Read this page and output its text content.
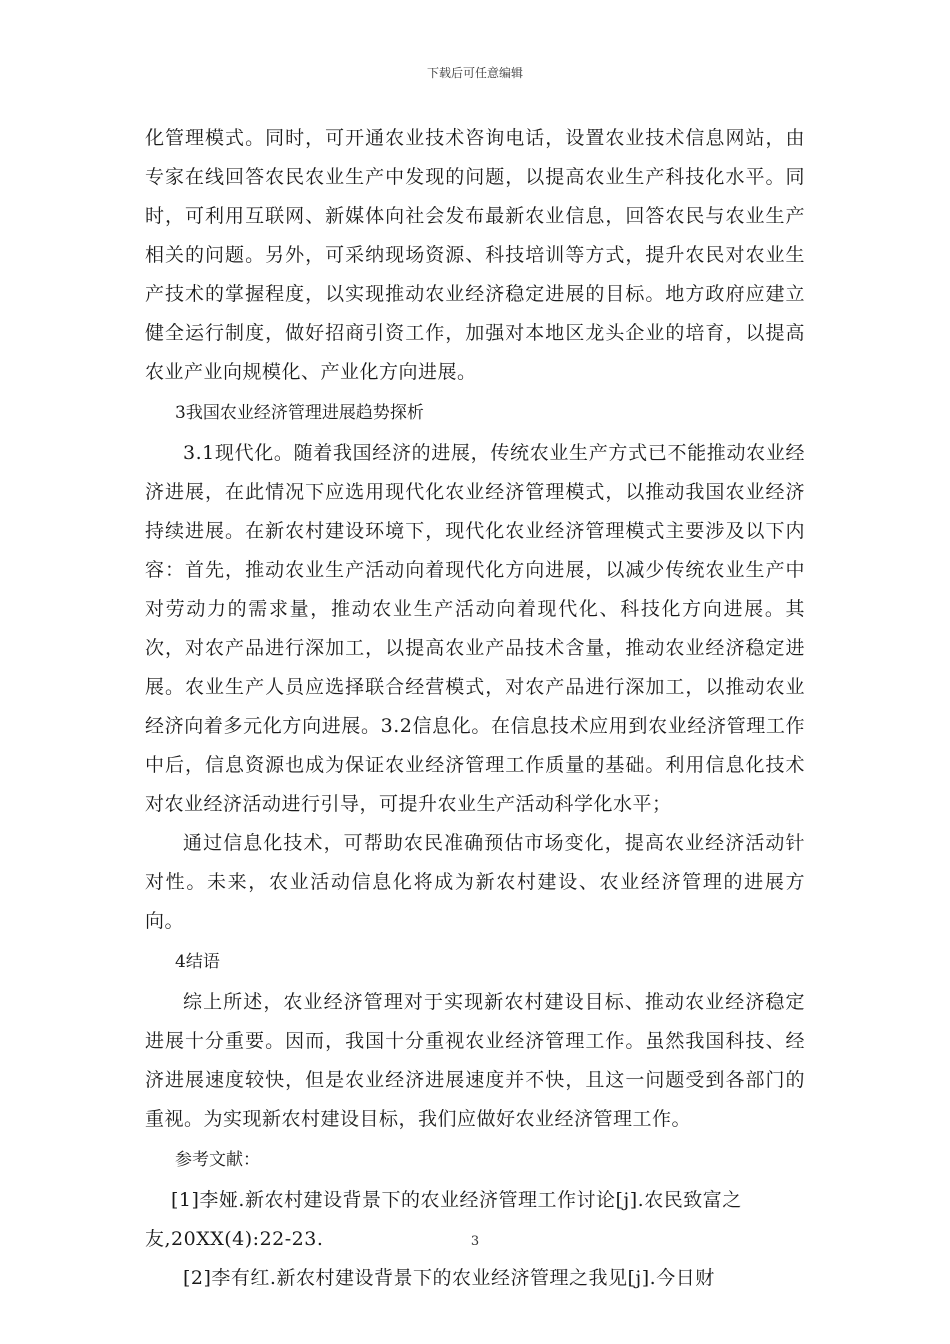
下载后可任意编辑

化管理模式。同时，可开通农业技术咨询电话，设置农业技术信息网站，由专家在线回答农民农业生产中发现的问题，以提高农业生产科技化水平。同时，可利用互联网、新媒体向社会发布最新农业信息，回答农民与农业生产相关的问题。另外，可采纳现场资源、科技培训等方式，提升农民对农业生产技术的掌握程度，以实现推动农业经济稳定进展的目标。地方政府应建立健全运行制度，做好招商引资工作，加强对本地区龙头企业的培育，以提高农业产业向规模化、产业化方向进展。

3我国农业经济管理进展趋势探析

3.1现代化。随着我国经济的进展，传统农业生产方式已不能推动农业经济进展，在此情况下应选用现代化农业经济管理模式，以推动我国农业经济持续进展。在新农村建设环境下，现代化农业经济管理模式主要涉及以下内容：首先，推动农业生产活动向着现代化方向进展，以减少传统农业生产中对劳动力的需求量，推动农业生产活动向着现代化、科技化方向进展。其次，对农产品进行深加工，以提高农业产品技术含量，推动农业经济稳定进展。农业生产人员应选择联合经营模式，对农产品进行深加工，以推动农业经济向着多元化方向进展。3.2信息化。在信息技术应用到农业经济管理工作中后，信息资源也成为保证农业经济管理工作质量的基础。利用信息化技术对农业经济活动进行引导，可提升农业生产活动科学化水平；

通过信息化技术，可帮助农民准确预估市场变化，提高农业经济活动针对性。未来，农业活动信息化将成为新农村建设、农业经济管理的进展方向。

4结语

综上所述，农业经济管理对于实现新农村建设目标、推动农业经济稳定进展十分重要。因而，我国十分重视农业经济管理工作。虽然我国科技、经济进展速度较快，但是农业经济进展速度并不快，且这一问题受到各部门的重视。为实现新农村建设目标，我们应做好农业经济管理工作。

参考文献：

[1]李娅.新农村建设背景下的农业经济管理工作讨论[j].农民致富之友,20XX(4):22-23.

[2]李有红.新农村建设背景下的农业经济管理之我见[j].今日财

3
